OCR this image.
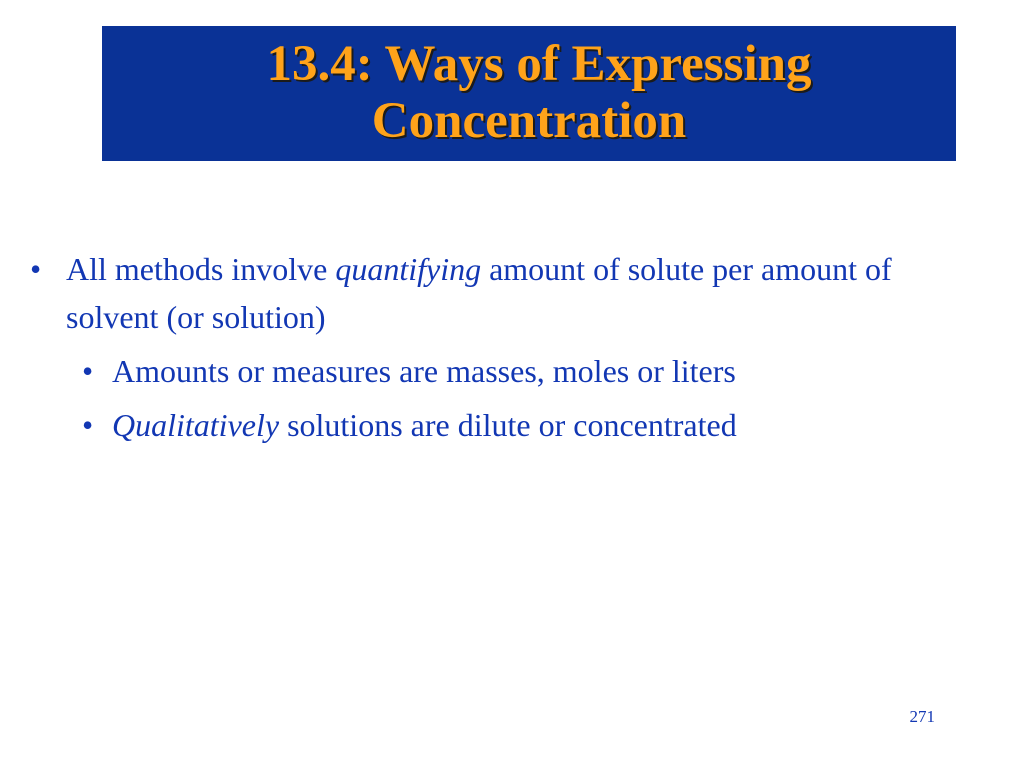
13.4: Ways of Expressing
Concentration
• All methods involve quantifying amount of solute per amount of solvent (or solution)
• Amounts or measures are masses, moles or liters
• Qualitatively solutions are dilute or concentrated
271
